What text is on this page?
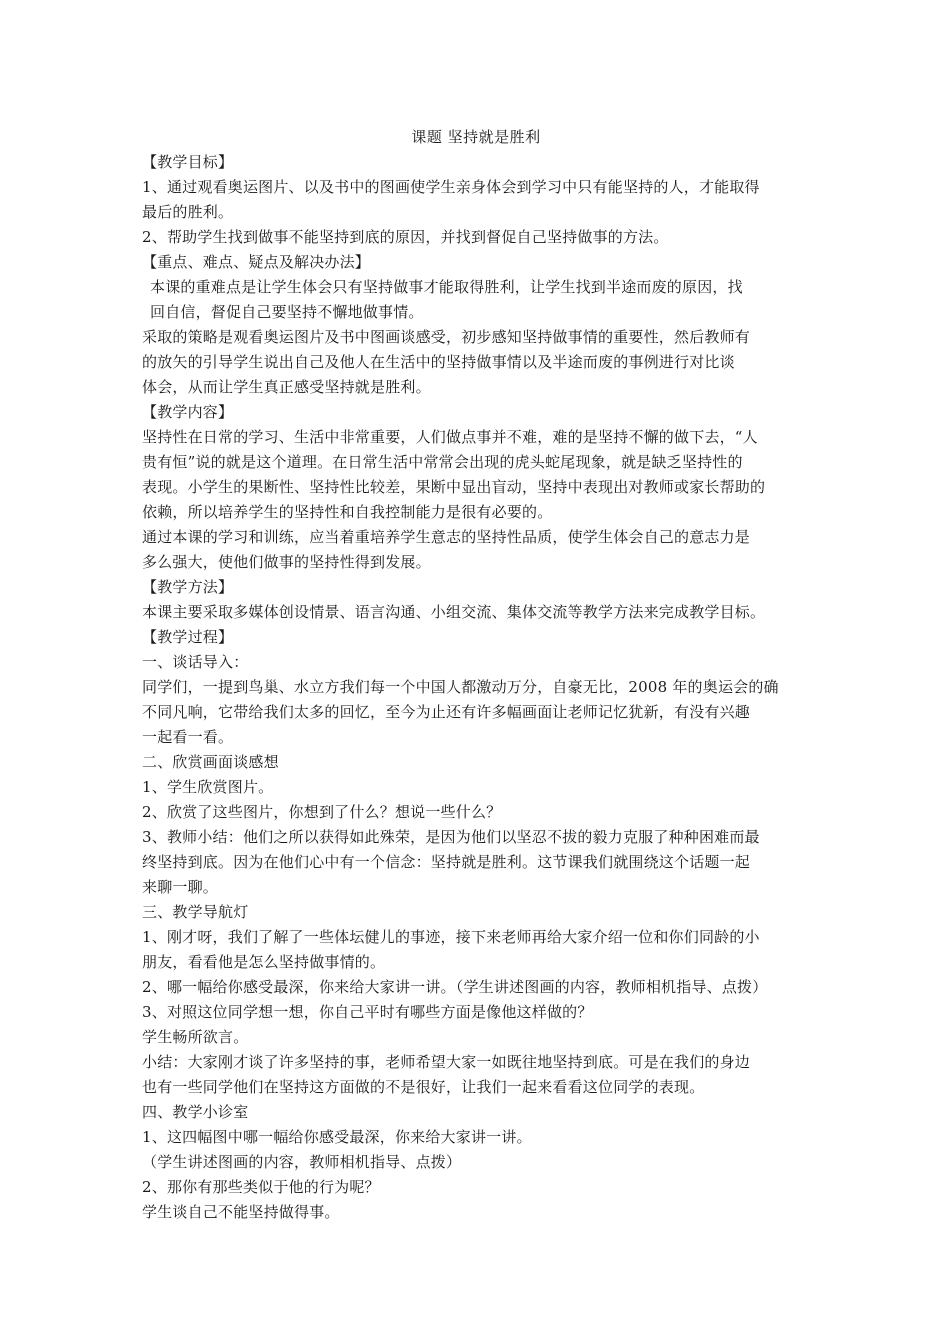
课题 坚持就是胜利
【教学目标】
1、通过观看奥运图片、以及书中的图画使学生亲身体会到学习中只有能坚持的人，才能取得
最后的胜利。
2、帮助学生找到做事不能坚持到底的原因，并找到督促自己坚持做事的方法。
【重点、难点、疑点及解决办法】
本课的重难点是让学生体会只有坚持做事才能取得胜利，让学生找到半途而废的原因，找
回自信，督促自己要坚持不懈地做事情。
采取的策略是观看奥运图片及书中图画谈感受，初步感知坚持做事情的重要性，然后教师有
的放矢的引导学生说出自己及他人在生活中的坚持做事情以及半途而废的事例进行对比谈
体会，从而让学生真正感受坚持就是胜利。
【教学内容】
坚持性在日常的学习、生活中非常重要，人们做点事并不难，难的是坚持不懈的做下去，“人
贵有恒”说的就是这个道理。在日常生活中常常会出现的虎头蛇尾现象，就是缺乏坚持性的
表现。小学生的果断性、坚持性比较差，果断中显出盲动，坚持中表现出对教师或家长帮助的
依赖，所以培养学生的坚持性和自我控制能力是很有必要的。
通过本课的学习和训练，应当着重培养学生意志的坚持性品质，使学生体会自己的意志力是
多么强大，使他们做事的坚持性得到发展。
【教学方法】
本课主要采取多媒体创设情景、语言沟通、小组交流、集体交流等教学方法来完成教学目标。
【教学过程】
一、谈话导入：
同学们，一提到鸟巢、水立方我们每一个中国人都激动万分，自豪无比，2008 年的奥运会的确
不同凡响，它带给我们太多的回忆，至今为止还有许多幅画面让老师记忆犹新，有没有兴趣
一起看一看。
二、欣赏画面谈感想
1、学生欣赏图片。
2、欣赏了这些图片，你想到了什么？想说一些什么？
3、教师小结：他们之所以获得如此殊荣，是因为他们以坚忍不拔的毅力克服了种种困难而最
终坚持到底。因为在他们心中有一个信念：坚持就是胜利。这节课我们就围绕这个话题一起
来聊一聊。
三、教学导航灯
1、刚才呀，我们了解了一些体坛健儿的事迹，接下来老师再给大家介绍一位和你们同龄的小
朋友，看看他是怎么坚持做事情的。
2、哪一幅给你感受最深，你来给大家讲一讲。（学生讲述图画的内容，教师相机指导、点拨）
3、对照这位同学想一想，你自己平时有哪些方面是像他这样做的？
学生畅所欲言。
小结：大家刚才谈了许多坚持的事，老师希望大家一如既往地坚持到底。可是在我们的身边
也有一些同学他们在坚持这方面做的不是很好，让我们一起来看看这位同学的表现。
四、教学小诊室
1、这四幅图中哪一幅给你感受最深，你来给大家讲一讲。
（学生讲述图画的内容，教师相机指导、点拨）
2、那你有那些类似于他的行为呢？
学生谈自己不能坚持做得事。
